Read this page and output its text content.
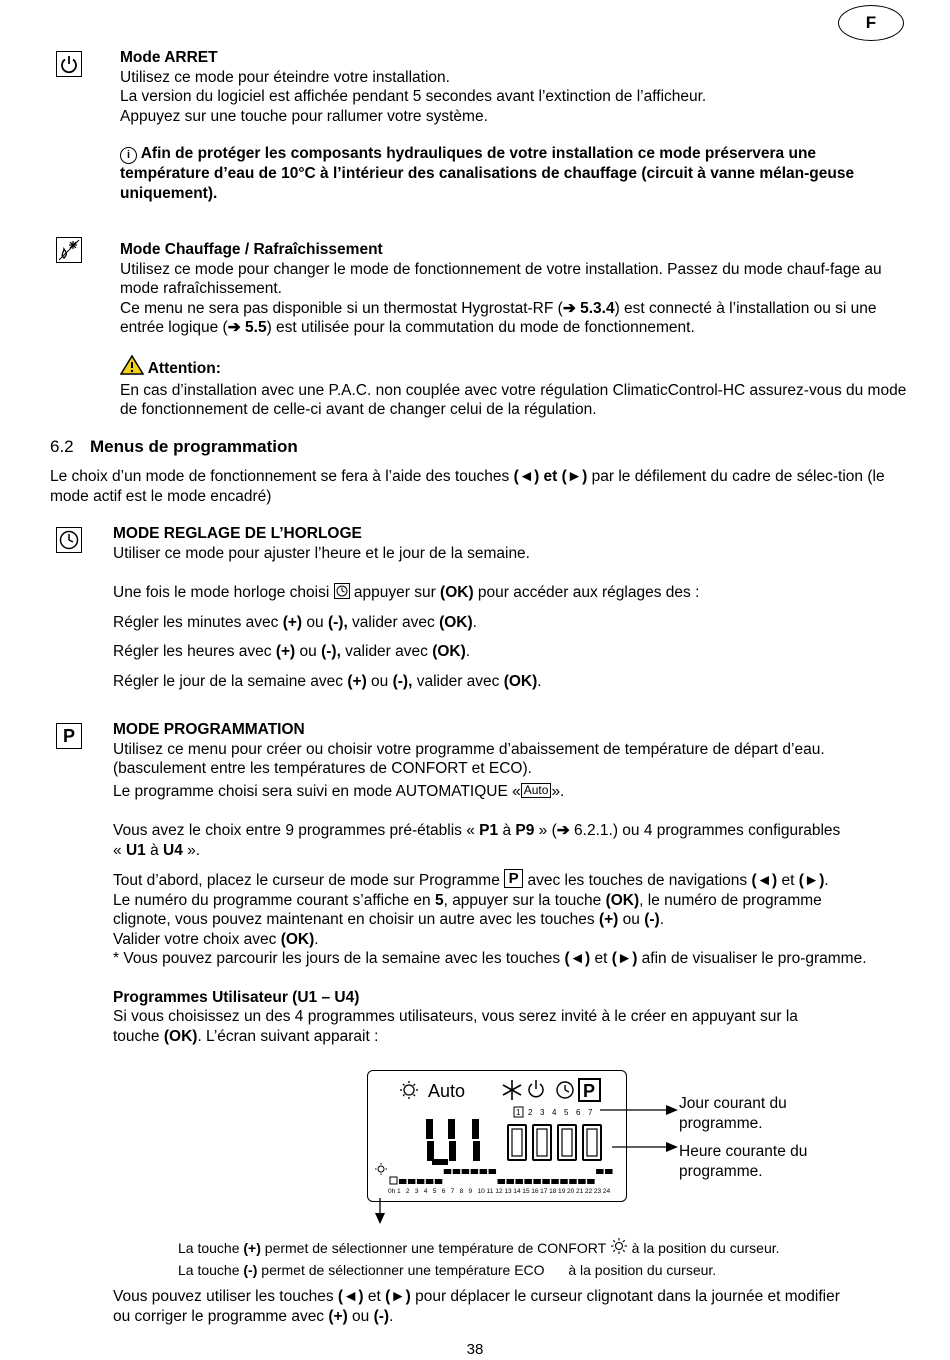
F

Mode ARRET

Utilisez ce mode pour éteindre votre installation.

La version du logiciel est affichée pendant 5 secondes avant l’extinction de l’afficheur.

Appuyez sur une touche pour rallumer votre système.

i Afin de protéger les composants hydrauliques de votre installation ce mode préservera une température d’eau de 10°C à l’intérieur des canalisations de chauffage (circuit à vanne mélan-geuse uniquement).

Mode Chauffage / Rafraîchissement

Utilisez ce mode pour changer le mode de fonctionnement de votre installation. Passez du mode chauf-fage au mode rafraîchissement.

Ce menu ne sera pas disponible si un thermostat Hygrostat-RF (➔ 5.3.4) est connecté à l’installation ou si une entrée logique (➔ 5.5) est utilisée pour la commutation du mode de fonctionnement.

Attention:

En cas d’installation avec une P.A.C. non couplée avec votre régulation ClimaticControl-HC assurez-vous du mode de fonctionnement de celle-ci avant de changer celui de la régulation.

6.2 Menus de programmation
Le choix d’un mode de fonctionnement se fera à l’aide des touches (◄) et (►) par le défilement du cadre de sélec-tion (le mode actif est le mode encadré)

MODE REGLAGE DE L’HORLOGE

Utiliser ce mode pour ajuster l’heure et le jour de la semaine.

Une fois le mode horloge choisi  appuyer sur (OK) pour accéder aux réglages des :

Régler les minutes avec (+) ou (-), valider avec (OK).

Régler les heures avec (+) ou (-), valider avec (OK).

Régler le jour de la semaine avec (+) ou (-), valider avec (OK).

P	MODE PROGRAMMATION

Utilisez ce menu pour créer ou choisir votre programme d’abaissement de température de départ d’eau.

(basculement entre les températures de CONFORT et ECO).

Le programme choisi sera suivi en mode AUTOMATIQUE « Auto ».

Vous avez le choix entre 9 programmes pré-établis « P1 à P9 » (➔ 6.2.1.) ou 4 programmes configurables

« U1 à U4 ».

Tout d’abord, placez le curseur de mode sur Programme P avec les touches de navigations (◄) et (►).

Le numéro du programme courant s’affiche en 5, appuyer sur la touche (OK), le numéro de programme

clignote, vous pouvez maintenant en choisir un autre avec les touches (+) ou (-).

Valider votre choix avec (OK).

* Vous pouvez parcourir les jours de la semaine avec les touches (◄) et (►) afin de visualiser le pro-gramme.

Programmes Utilisateur (U1 – U4)

Si vous choisissez un des 4 programmes utilisateurs, vous serez invité à le créer en appuyant sur la

touche (OK). L’écran suivant apparait :

Auto	P
1 2 3 4 5 6 7
0h 1 2 3 4 5 6 7 8 9 10 11 12 13 14 15 16 17 18 19 20 21 22 23 24
Jour courant du programme.
Heure courante du programme.
La touche (+) permet de sélectionner une température de CONFORT  à la position du curseur.
La touche (-) permet de sélectionner une température ECO  à la position du curseur.

Vous pouvez utiliser les touches (◄) et (►) pour déplacer le curseur clignotant dans la journée et modifier

ou corriger le programme avec (+) ou (-).

38
